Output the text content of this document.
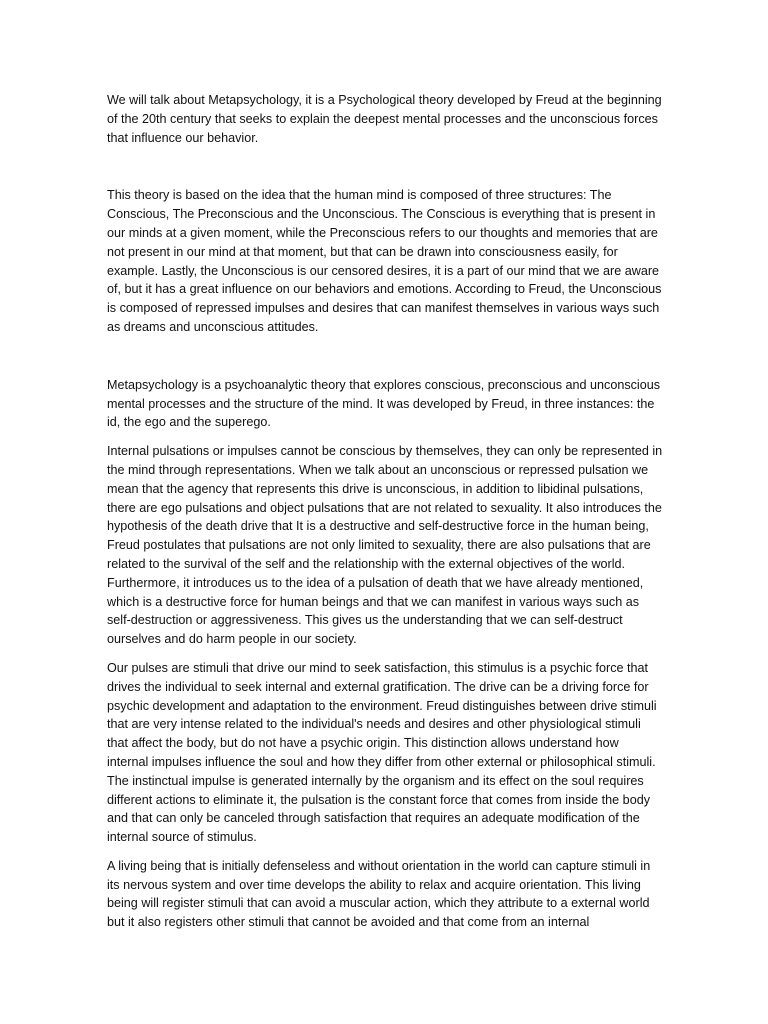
We will talk about Metapsychology, it is a Psychological theory developed by Freud at the beginning of the 20th century that seeks to explain the deepest mental processes and the unconscious forces that influence our behavior.

This theory is based on the idea that the human mind is composed of three structures: The Conscious, The Preconscious and the Unconscious. The Conscious is everything that is present in our minds at a given moment, while the Preconscious refers to our thoughts and memories that are not present in our mind at that moment, but that can be drawn into consciousness easily, for example. Lastly, the Unconscious is our censored desires, it is a part of our mind that we are aware of, but it has a great influence on our behaviors and emotions. According to Freud, the Unconscious is composed of repressed impulses and desires that can manifest themselves in various ways such as dreams and unconscious attitudes.

Metapsychology is a psychoanalytic theory that explores conscious, preconscious and unconscious mental processes and the structure of the mind. It was developed by Freud, in three instances: the id, the ego and the superego.

Internal pulsations or impulses cannot be conscious by themselves, they can only be represented in the mind through representations. When we talk about an unconscious or repressed pulsation we mean that the agency that represents this drive is unconscious, in addition to libidinal pulsations, there are ego pulsations and object pulsations that are not related to sexuality. It also introduces the hypothesis of the death drive that It is a destructive and self-destructive force in the human being, Freud postulates that pulsations are not only limited to sexuality, there are also pulsations that are related to the survival of the self and the relationship with the external objectives of the world. Furthermore, it introduces us to the idea of a pulsation of death that we have already mentioned, which is a destructive force for human beings and that we can manifest in various ways such as self-destruction or aggressiveness. This gives us the understanding that we can self-destruct ourselves and do harm people in our society.

Our pulses are stimuli that drive our mind to seek satisfaction, this stimulus is a psychic force that drives the individual to seek internal and external gratification. The drive can be a driving force for psychic development and adaptation to the environment. Freud distinguishes between drive stimuli that are very intense related to the individual's needs and desires and other physiological stimuli that affect the body, but do not have a psychic origin. This distinction allows understand how internal impulses influence the soul and how they differ from other external or philosophical stimuli. The instinctual impulse is generated internally by the organism and its effect on the soul requires different actions to eliminate it, the pulsation is the constant force that comes from inside the body and that can only be canceled through satisfaction that requires an adequate modification of the internal source of stimulus.

A living being that is initially defenseless and without orientation in the world can capture stimuli in its nervous system and over time develops the ability to relax and acquire orientation. This living being will register stimuli that can avoid a muscular action, which they attribute to a external world but it also registers other stimuli that cannot be avoided and that come from an internal
